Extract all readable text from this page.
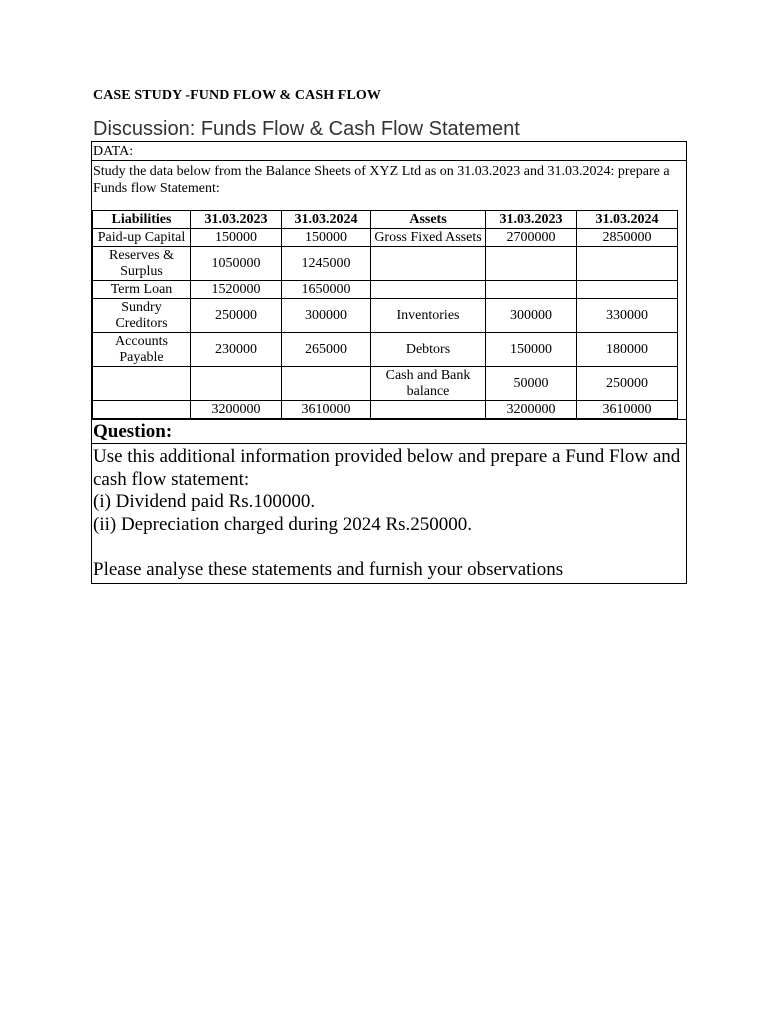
CASE STUDY -FUND FLOW & CASH FLOW
Discussion: Funds Flow & Cash Flow Statement
DATA:
Study the data below from the Balance Sheets of XYZ Ltd as on 31.03.2023 and 31.03.2024: prepare a Funds flow Statement:
Liabilities	31.03.2023	31.03.2024	Assets	31.03.2023	31.03.2024
Paid-up Capital	150000	150000	Gross Fixed Assets	2700000	2850000
Reserves & Surplus	1050000	1245000			
Term Loan	1520000	1650000			
Sundry Creditors	250000	300000	Inventories	300000	330000
Accounts Payable	230000	265000	Debtors	150000	180000
			Cash and Bank balance	50000	250000
	3200000	3610000		3200000	3610000
Question:
Use this additional information provided below and prepare a Fund Flow and cash flow statement:
(i) Dividend paid Rs.100000.
(ii) Depreciation charged during 2024 Rs.250000.
Please analyse these statements and furnish your observations
